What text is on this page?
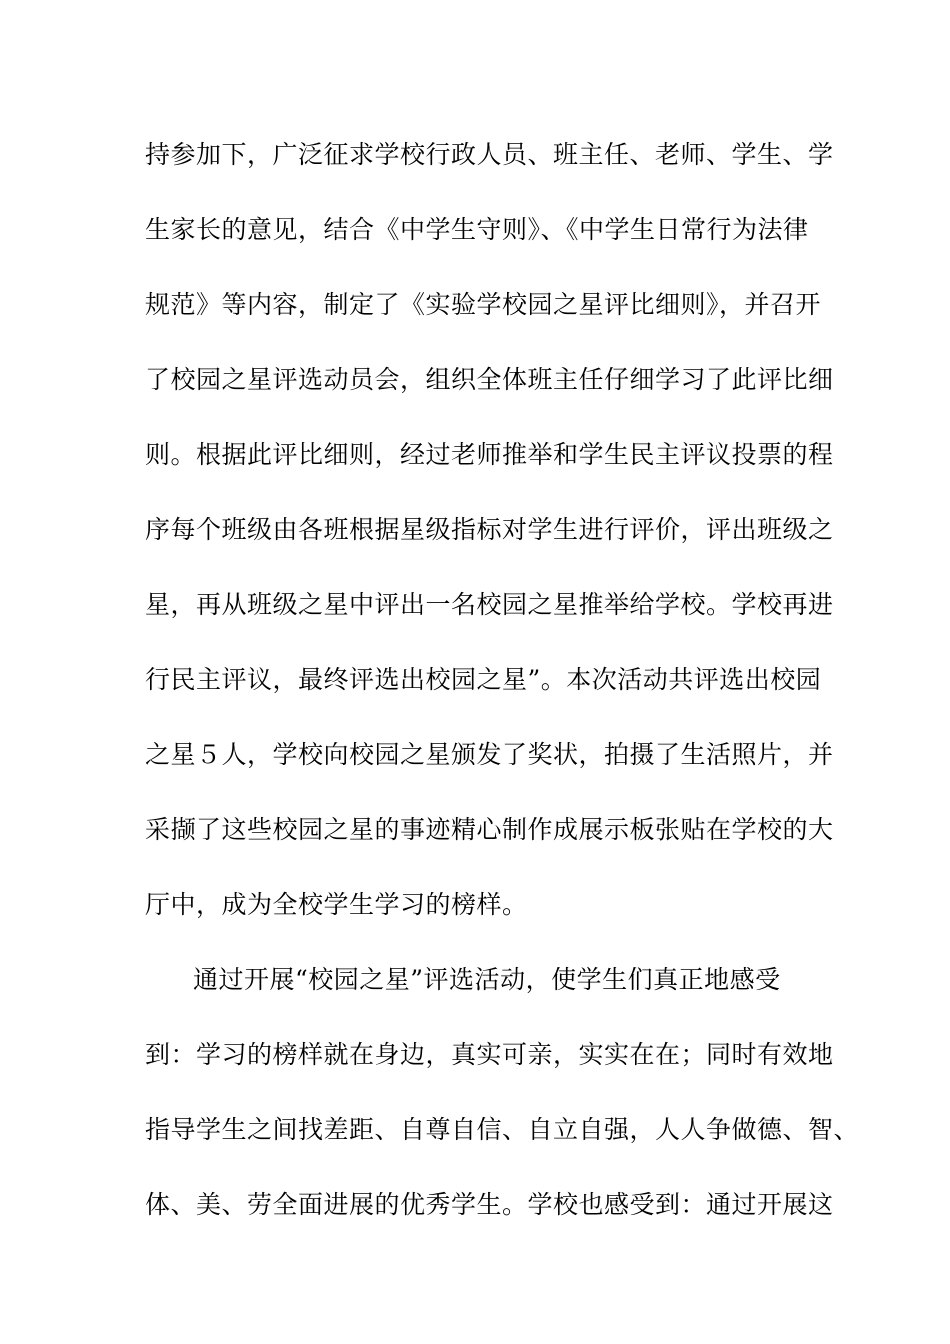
持参加下，广泛征求学校行政人员、班主任、老师、学生、学
生家长的意见，结合《中学生守则》、《中学生日常行为法律
规范》等内容，制定了《实验学校园之星评比细则》，并召开
了校园之星评选动员会，组织全体班主任仔细学习了此评比细
则。根据此评比细则，经过老师推举和学生民主评议投票的程
序每个班级由各班根据星级指标对学生进行评价，评出班级之
星，再从班级之星中评出一名校园之星推举给学校。学校再进
行民主评议，最终评选出校园之星”。本次活动共评选出校园
之星５人，学校向校园之星颁发了奖状，拍摄了生活照片，并
采撷了这些校园之星的事迹精心制作成展示板张贴在学校的大
厅中，成为全校学生学习的榜样。
通过开展“校园之星”评选活动，使学生们真正地感受
到：学习的榜样就在身边，真实可亲，实实在在；同时有效地
指导学生之间找差距、自尊自信、自立自强，人人争做德、智、
体、美、劳全面进展的优秀学生。学校也感受到：通过开展这
